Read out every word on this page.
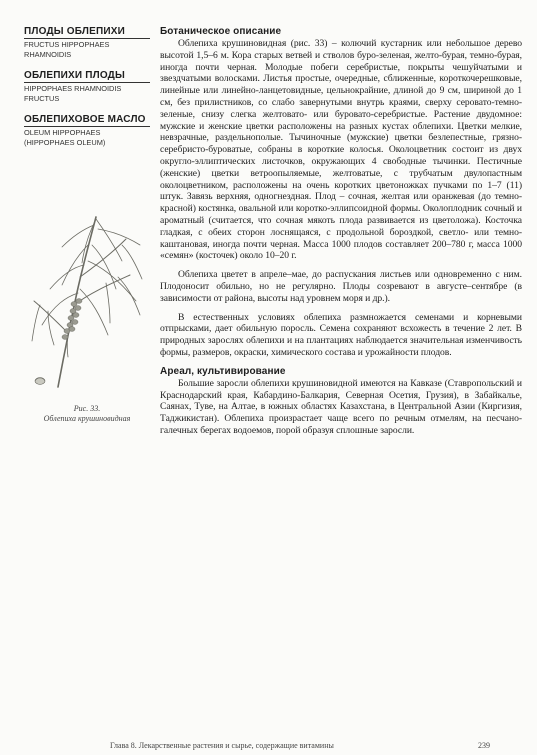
ПЛОДЫ ОБЛЕПИХИ
FRUCTUS HIPPOPHAES
RHAMNOIDIS
ОБЛЕПИХИ ПЛОДЫ
HIPPOPHAES RHAMNOIDIS
FRUCTUS
ОБЛЕПИХОВОЕ МАСЛО
OLEUM HIPPOPHAES
(HIPPOPHAES OLEUM)
Рис. 33.
Облепиха крушиновидная
Ботаническое описание

Облепиха крушиновидная (рис. 33) – колючий кустарник или небольшое дерево высотой 1,5–6 м. Кора старых ветвей и стволов буро-зеленая, желто-бурая, темно-бурая, иногда почти черная. Молодые побеги серебристые, покрыты чешуйчатыми и звездчатыми волосками. Листья простые, очередные, сближенные, короткочерешковые, линейные или линейно-ланцетовидные, цельнокрайние, длиной до 9 см, шириной до 1 см, без прилистников, со слабо завернутыми внутрь краями, сверху серовато-темно-зеленые, снизу слегка желтовато- или буровато-серебристые. Растение двудомное: мужские и женские цветки расположены на разных кустах облепихи. Цветки мелкие, невзрачные, раздельнополые. Тычиночные (мужские) цветки безлепестные, грязно-серебристо-буроватые, собраны в короткие колосья. Околоцветник состоит из двух округло-эллиптических листочков, окружающих 4 свободные тычинки. Пестичные (женские) цветки ветроопыляемые, желтоватые, с трубчатым двулопастным околоцветником, расположены на очень коротких цветоножках пучками по 1–7 (11) штук. Завязь верхняя, одногнездная. Плод – сочная, желтая или оранжевая (до темно-красной) костянка, овальной или коротко-эллипсоидной формы. Околоплодник сочный и ароматный (считается, что сочная мякоть плода развивается из цветоложа). Косточка гладкая, с обеих сторон лоснящаяся, с продольной бороздкой, светло- или темно-каштановая, иногда почти черная. Масса 1000 плодов составляет 200–780 г, масса 1000 «семян» (косточек) около 10–20 г.

Облепиха цветет в апреле–мае, до распускания листьев или одновременно с ним. Плодоносит обильно, но не регулярно. Плоды созревают в августе–сентябре (в зависимости от района, высоты над уровнем моря и др.).

В естественных условиях облепиха размножается семенами и корневыми отпрысками, дает обильную поросль. Семена сохраняют всхожесть в течение 2 лет. В природных зарослях облепихи и на плантациях наблюдается значительная изменчивость формы, размеров, окраски, химического состава и урожайности плодов.

Ареал, культивирование

Большие заросли облепихи крушиновидной имеются на Кавказе (Ставропольский и Краснодарский края, Кабардино-Балкария, Северная Осетия, Грузия), в Забайкалье, Саянах, Туве, на Алтае, в южных областях Казахстана, в Центральной Азии (Киргизия, Таджикистан). Облепиха произрастает чаще всего по речным отмелям, на песчано-галечных берегах водоемов, порой образуя сплошные заросли.

Глава 8. Лекарственные растения и сырье, содержащие витамины	239
